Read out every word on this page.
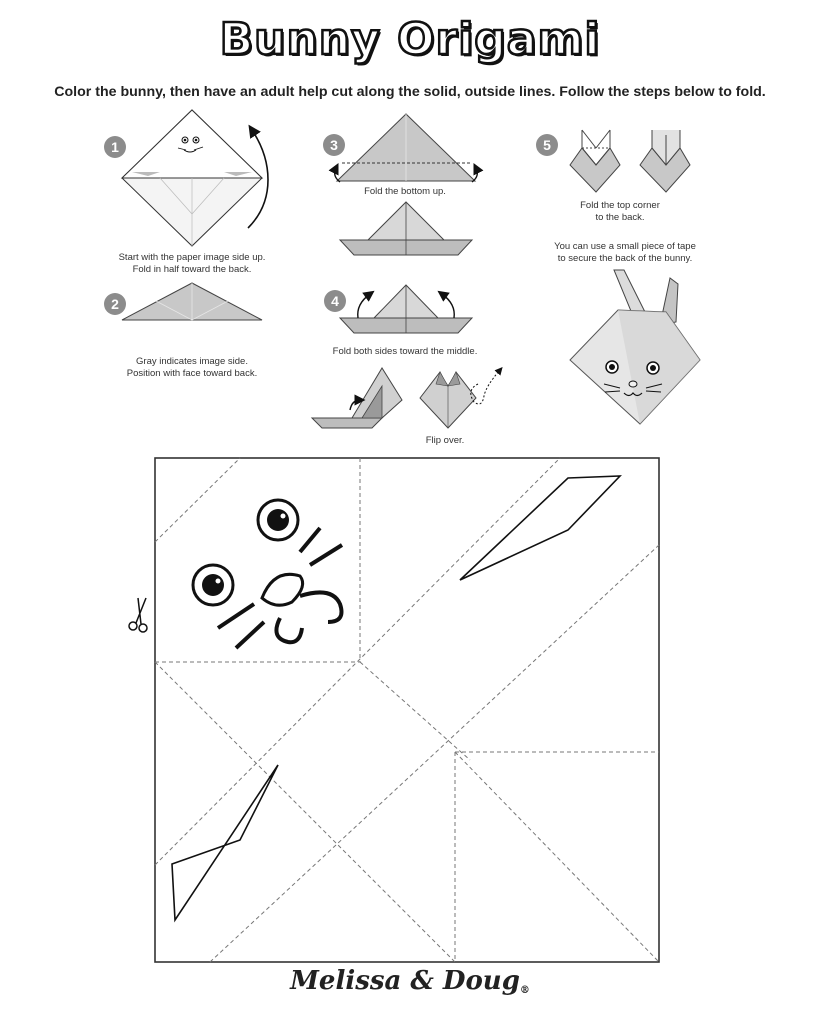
Bunny Origami
Color the bunny, then have an adult help cut along the solid, outside lines. Follow the steps below to fold.
1
2
3
4
5
Start with the paper image side up.
Fold in half toward the back.
Gray indicates image side.
Position with face toward back.
Fold the bottom up.
Fold both sides toward the middle.
Flip over.
Fold the top corner
to the back.
You can use a small piece of tape
to secure the back of the bunny.
Melissa & Doug®
